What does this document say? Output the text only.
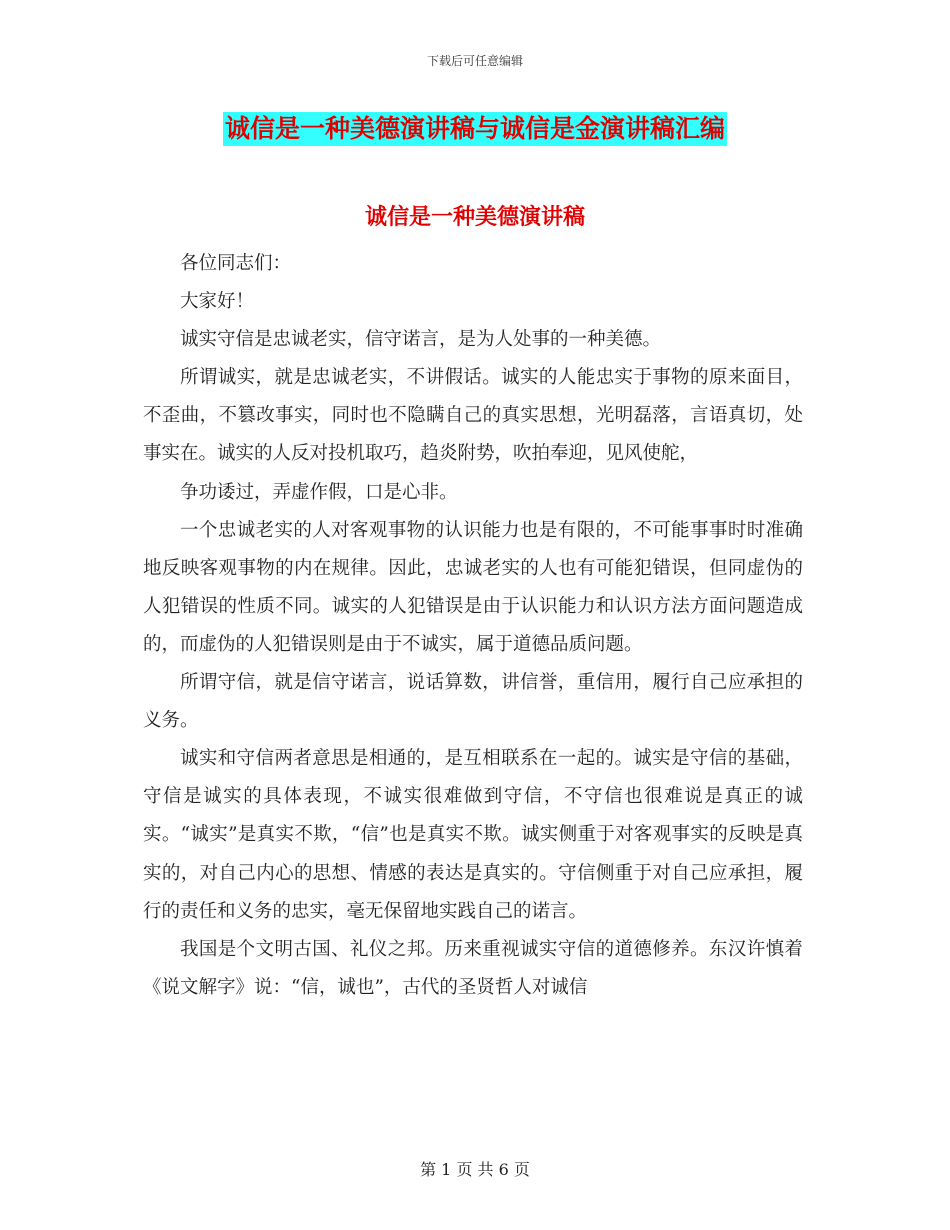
下载后可任意编辑
诚信是一种美德演讲稿与诚信是金演讲稿汇编
诚信是一种美德演讲稿

各位同志们：

大家好！

诚实守信是忠诚老实，信守诺言，是为人处事的一种美德。

所谓诚实，就是忠诚老实，不讲假话。诚实的人能忠实于事物的原来面目，不歪曲，不篡改事实，同时也不隐瞒自己的真实思想，光明磊落，言语真切，处事实在。诚实的人反对投机取巧，趋炎附势，吹拍奉迎，见风使舵，

争功诿过，弄虚作假，口是心非。

一个忠诚老实的人对客观事物的认识能力也是有限的，不可能事事时时准确地反映客观事物的内在规律。因此，忠诚老实的人也有可能犯错误，但同虚伪的人犯错误的性质不同。诚实的人犯错误是由于认识能力和认识方法方面问题造成的，而虚伪的人犯错误则是由于不诚实，属于道德品质问题。

所谓守信，就是信守诺言，说话算数，讲信誉，重信用，履行自己应承担的义务。

诚实和守信两者意思是相通的，是互相联系在一起的。诚实是守信的基础，守信是诚实的具体表现，不诚实很难做到守信，不守信也很难说是真正的诚实。“诚实”是真实不欺，“信”也是真实不欺。诚实侧重于对客观事实的反映是真实的，对自己内心的思想、情感的表达是真实的。守信侧重于对自己应承担，履行的责任和义务的忠实，毫无保留地实践自己的诺言。

我国是个文明古国、礼仪之邦。历来重视诚实守信的道德修养。东汉许慎着《说文解字》说：“信，诚也”，古代的圣贤哲人对诚信

第 1 页 共 6 页
